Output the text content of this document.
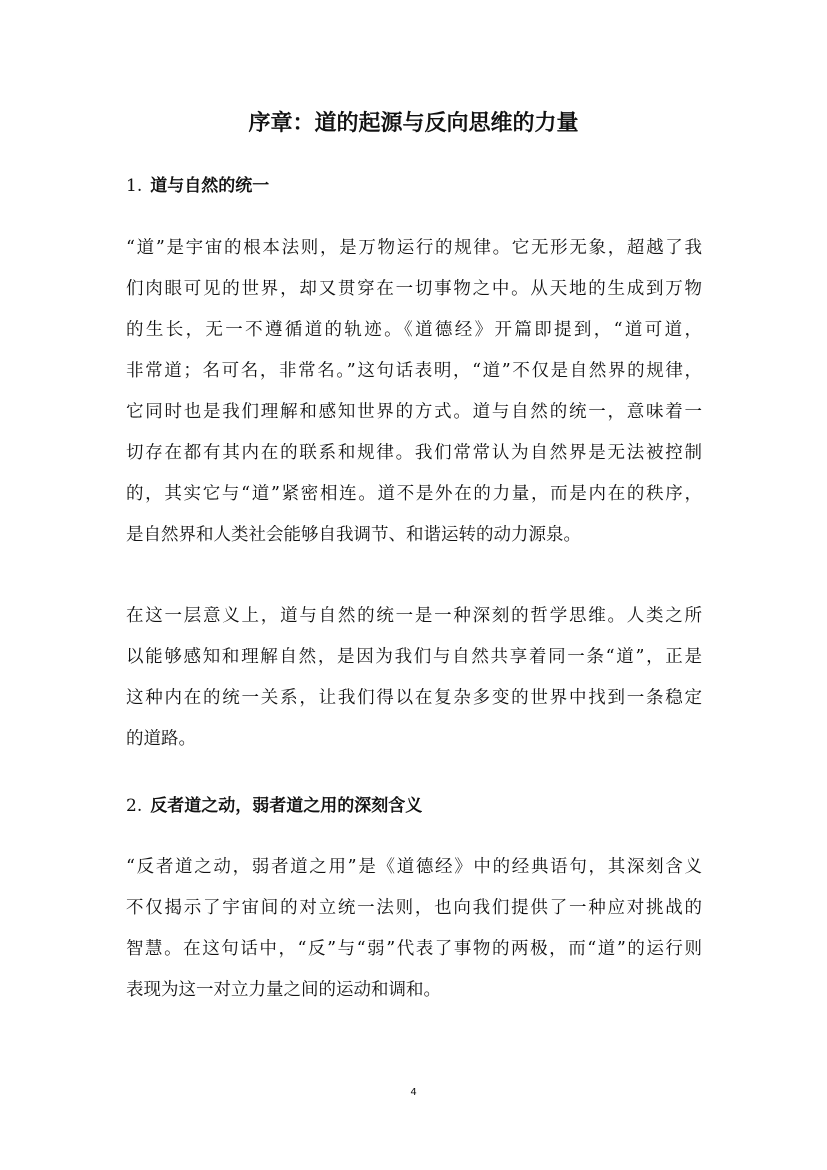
序章：道的起源与反向思维的力量
1. 道与自然的统一
“道”是宇宙的根本法则，是万物运行的规律。它无形无象，超越了我
们肉眼可见的世界，却又贯穿在一切事物之中。从天地的生成到万物
的生长，无一不遵循道的轨迹。《道德经》开篇即提到，“道可道，
非常道；名可名，非常名。”这句话表明，“道”不仅是自然界的规律，
它同时也是我们理解和感知世界的方式。道与自然的统一，意味着一
切存在都有其内在的联系和规律。我们常常认为自然界是无法被控制
的，其实它与“道”紧密相连。道不是外在的力量，而是内在的秩序，
是自然界和人类社会能够自我调节、和谐运转的动力源泉。
在这一层意义上，道与自然的统一是一种深刻的哲学思维。人类之所
以能够感知和理解自然，是因为我们与自然共享着同一条“道”，正是
这种内在的统一关系，让我们得以在复杂多变的世界中找到一条稳定
的道路。
2. 反者道之动，弱者道之用的深刻含义
“反者道之动，弱者道之用”是《道德经》中的经典语句，其深刻含义
不仅揭示了宇宙间的对立统一法则，也向我们提供了一种应对挑战的
智慧。在这句话中，“反”与“弱”代表了事物的两极，而“道”的运行则
表现为这一对立力量之间的运动和调和。
4
